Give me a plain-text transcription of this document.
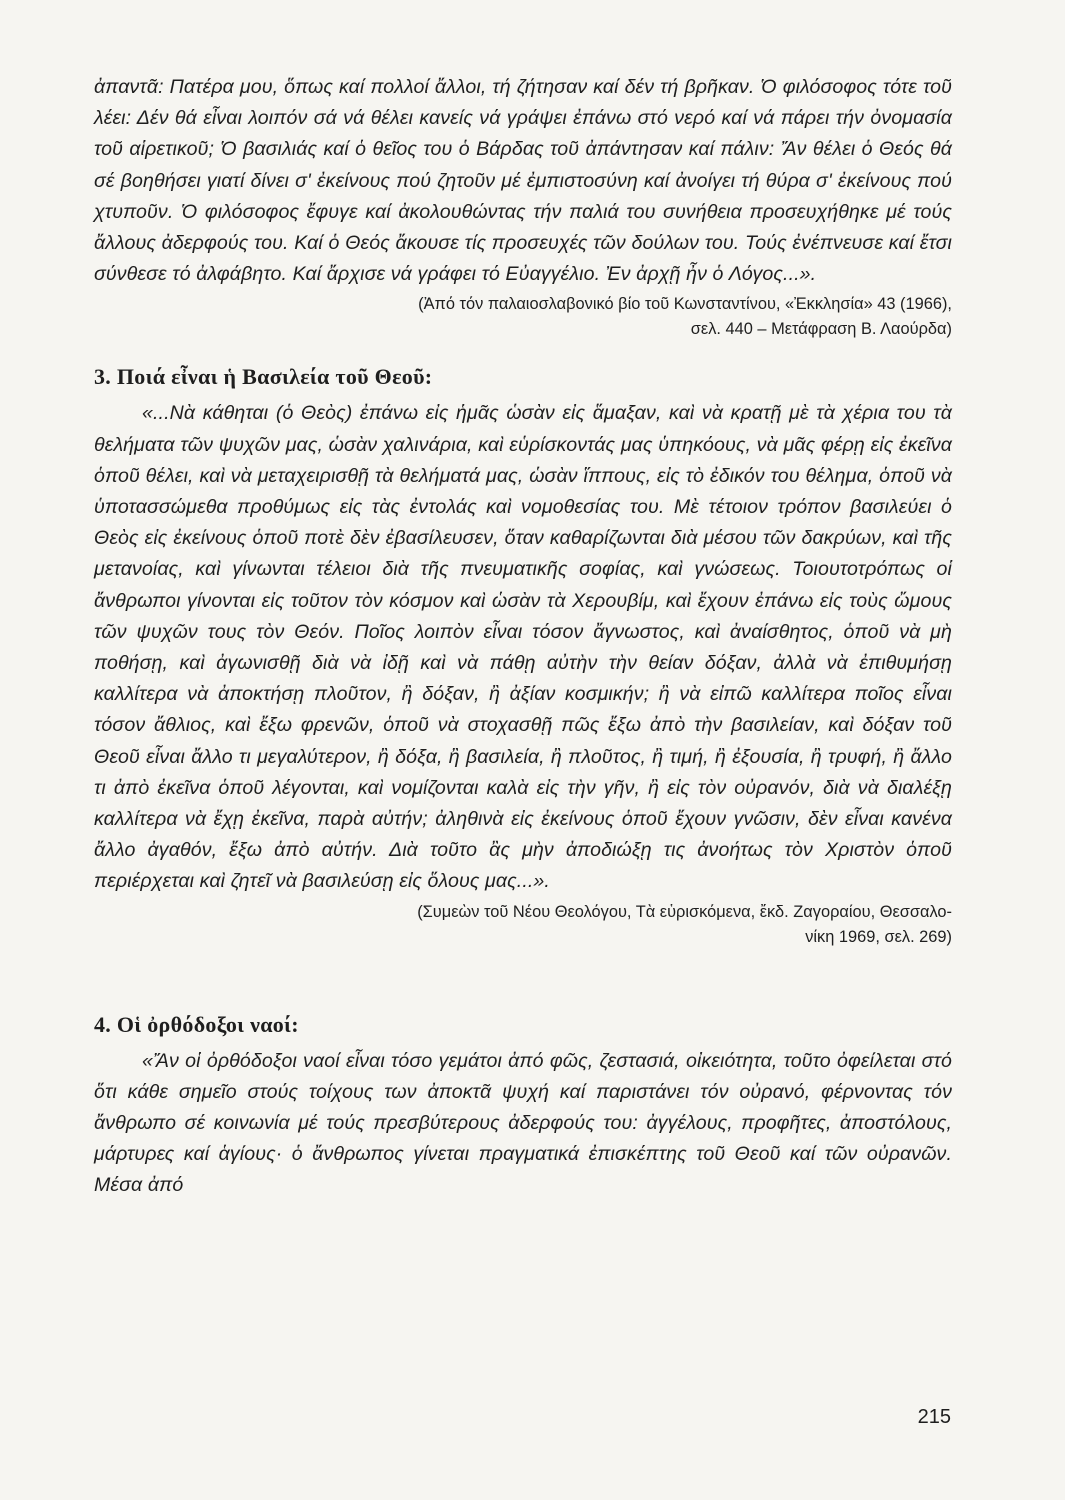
ἀπαντᾶ: Πατέρα μου, ὅπως καί πολλοί ἄλλοι, τή ζήτησαν καί δέν τή βρῆκαν. Ὁ φιλόσοφος τότε τοῦ λέει: Δέν θά εἶναι λοιπόν σά νά θέλει κανείς νά γράψει ἐπάνω στό νερό καί νά πάρει τήν ὀνομασία τοῦ αἱρετικοῦ; Ὁ βασιλιάς καί ὁ θεῖος του ὁ Βάρδας τοῦ ἀπάντησαν καί πάλιν: Ἄν θέλει ὁ Θεός θά σέ βοηθήσει γιατί δίνει σ' ἐκείνους πού ζητοῦν μέ ἐμπιστοσύνη καί ἀνοίγει τή θύρα σ' ἐκείνους πού χτυποῦν. Ὁ φιλόσοφος ἔφυγε καί ἀκολουθώντας τήν παλιά του συνήθεια προσευχήθηκε μέ τούς ἄλλους ἀδερφούς του. Καί ὁ Θεός ἄκουσε τίς προσευχές τῶν δούλων του. Τούς ἐνέπνευσε καί ἔτσι σύνθεσε τό ἀλφάβητο. Καί ἄρχισε νά γράφει τό Εὐαγγέλιο. Ἐν ἀρχῇ ἦν ὁ Λόγος...».

(Ἀπό τόν παλαιοσλαβονικό βίο τοῦ Κωνσταντίνου, «Ἐκκλησία» 43 (1966),
σελ. 440 – Μετάφραση Β. Λαούρδα)
3. Ποιά εἶναι ἡ Βασιλεία τοῦ Θεοῦ:

«...Νὰ κάθηται (ὁ Θεὸς) ἐπάνω εἰς ἡμᾶς ὡσὰν εἰς ἅμαξαν, καὶ νὰ κρατῇ μὲ τὰ χέρια του τὰ θελήματα τῶν ψυχῶν μας, ὡσὰν χαλινάρια, καὶ εὑρίσκοντάς μας ὑπηκόους, νὰ μᾶς φέρῃ εἰς ἐκεῖνα ὁποῦ θέλει, καὶ νὰ μεταχειρισθῇ τὰ θελήματά μας, ὡσὰν ἵππους, εἰς τὸ ἐδικόν του θέλημα, ὁποῦ νὰ ὑποτασσώμεθα προθύμως εἰς τὰς ἐντολάς καὶ νομοθεσίας του. Μὲ τέτοιον τρόπον βασιλεύει ὁ Θεὸς εἰς ἐκείνους ὁποῦ ποτὲ δὲν ἐβασίλευσεν, ὅταν καθαρίζωνται διὰ μέσου τῶν δακρύων, καὶ τῆς μετανοίας, καὶ γίνωνται τέλειοι διὰ τῆς πνευματικῆς σοφίας, καὶ γνώσεως. Τοιουτοτρόπως οἱ ἄνθρωποι γίνονται εἰς τοῦτον τὸν κόσμον καὶ ὡσὰν τὰ Χερουβίμ, καὶ ἔχουν ἐπάνω εἰς τοὺς ὤμους τῶν ψυχῶν τους τὸν Θεόν. Ποῖος λοιπὸν εἶναι τόσον ἄγνωστος, καὶ ἀναίσθητος, ὁποῦ νὰ μὴ ποθήσῃ, καὶ ἀγωνισθῇ διὰ νὰ ἰδῇ καὶ νὰ πάθῃ αὐτὴν τὴν θείαν δόξαν, ἀλλὰ νὰ ἐπιθυμήσῃ καλλίτερα νὰ ἀποκτήσῃ πλοῦτον, ἢ δόξαν, ἢ ἀξίαν κοσμικήν; ἢ νὰ εἰπῶ καλλίτερα ποῖος εἶναι τόσον ἄθλιος, καὶ ἔξω φρενῶν, ὁποῦ νὰ στοχασθῇ πῶς ἔξω ἀπὸ τὴν βασιλείαν, καὶ δόξαν τοῦ Θεοῦ εἶναι ἄλλο τι μεγαλύτερον, ἢ δόξα, ἢ βασιλεία, ἢ πλοῦτος, ἢ τιμή, ἢ ἐξουσία, ἢ τρυφή, ἢ ἄλλο τι ἀπὸ ἐκεῖνα ὁποῦ λέγονται, καὶ νομίζονται καλὰ εἰς τὴν γῆν, ἢ εἰς τὸν οὐρανόν, διὰ νὰ διαλέξῃ καλλίτερα νὰ ἔχῃ ἐκεῖνα, παρὰ αὐτήν; ἀληθινὰ εἰς ἐκείνους ὁποῦ ἔχουν γνῶσιν, δὲν εἶναι κανένα ἄλλο ἀγαθόν, ἔξω ἀπὸ αὐτήν. Διὰ τοῦτο ἂς μὴν ἀποδιώξῃ τις ἀνοήτως τὸν Χριστὸν ὁποῦ περιέρχεται καὶ ζητεῖ νὰ βασιλεύσῃ εἰς ὅλους μας...».

(Συμεὼν τοῦ Νέου Θεολόγου, Τὰ εὑρισκόμενα, ἔκδ. Ζαγοραίου, Θεσσαλο-
νίκη 1969, σελ. 269)
4. Οἱ ὀρθόδοξοι ναοί:

«Ἄν οἱ ὀρθόδοξοι ναοί εἶναι τόσο γεμάτοι ἀπό φῶς, ζεστασιά, οἰκειότητα, τοῦτο ὀφείλεται στό ὅτι κάθε σημεῖο στούς τοίχους των ἀποκτᾶ ψυχή καί παριστάνει τόν οὐρανό, φέρνοντας τόν ἄνθρωπο σέ κοινωνία μέ τούς πρεσβύτερους ἀδερφούς του: ἀγγέλους, προφῆτες, ἀποστόλους, μάρτυρες καί ἁγίους· ὁ ἄνθρωπος γίνεται πραγματικά ἐπισκέπτης τοῦ Θεοῦ καί τῶν οὐρανῶν. Μέσα ἀπό

215
